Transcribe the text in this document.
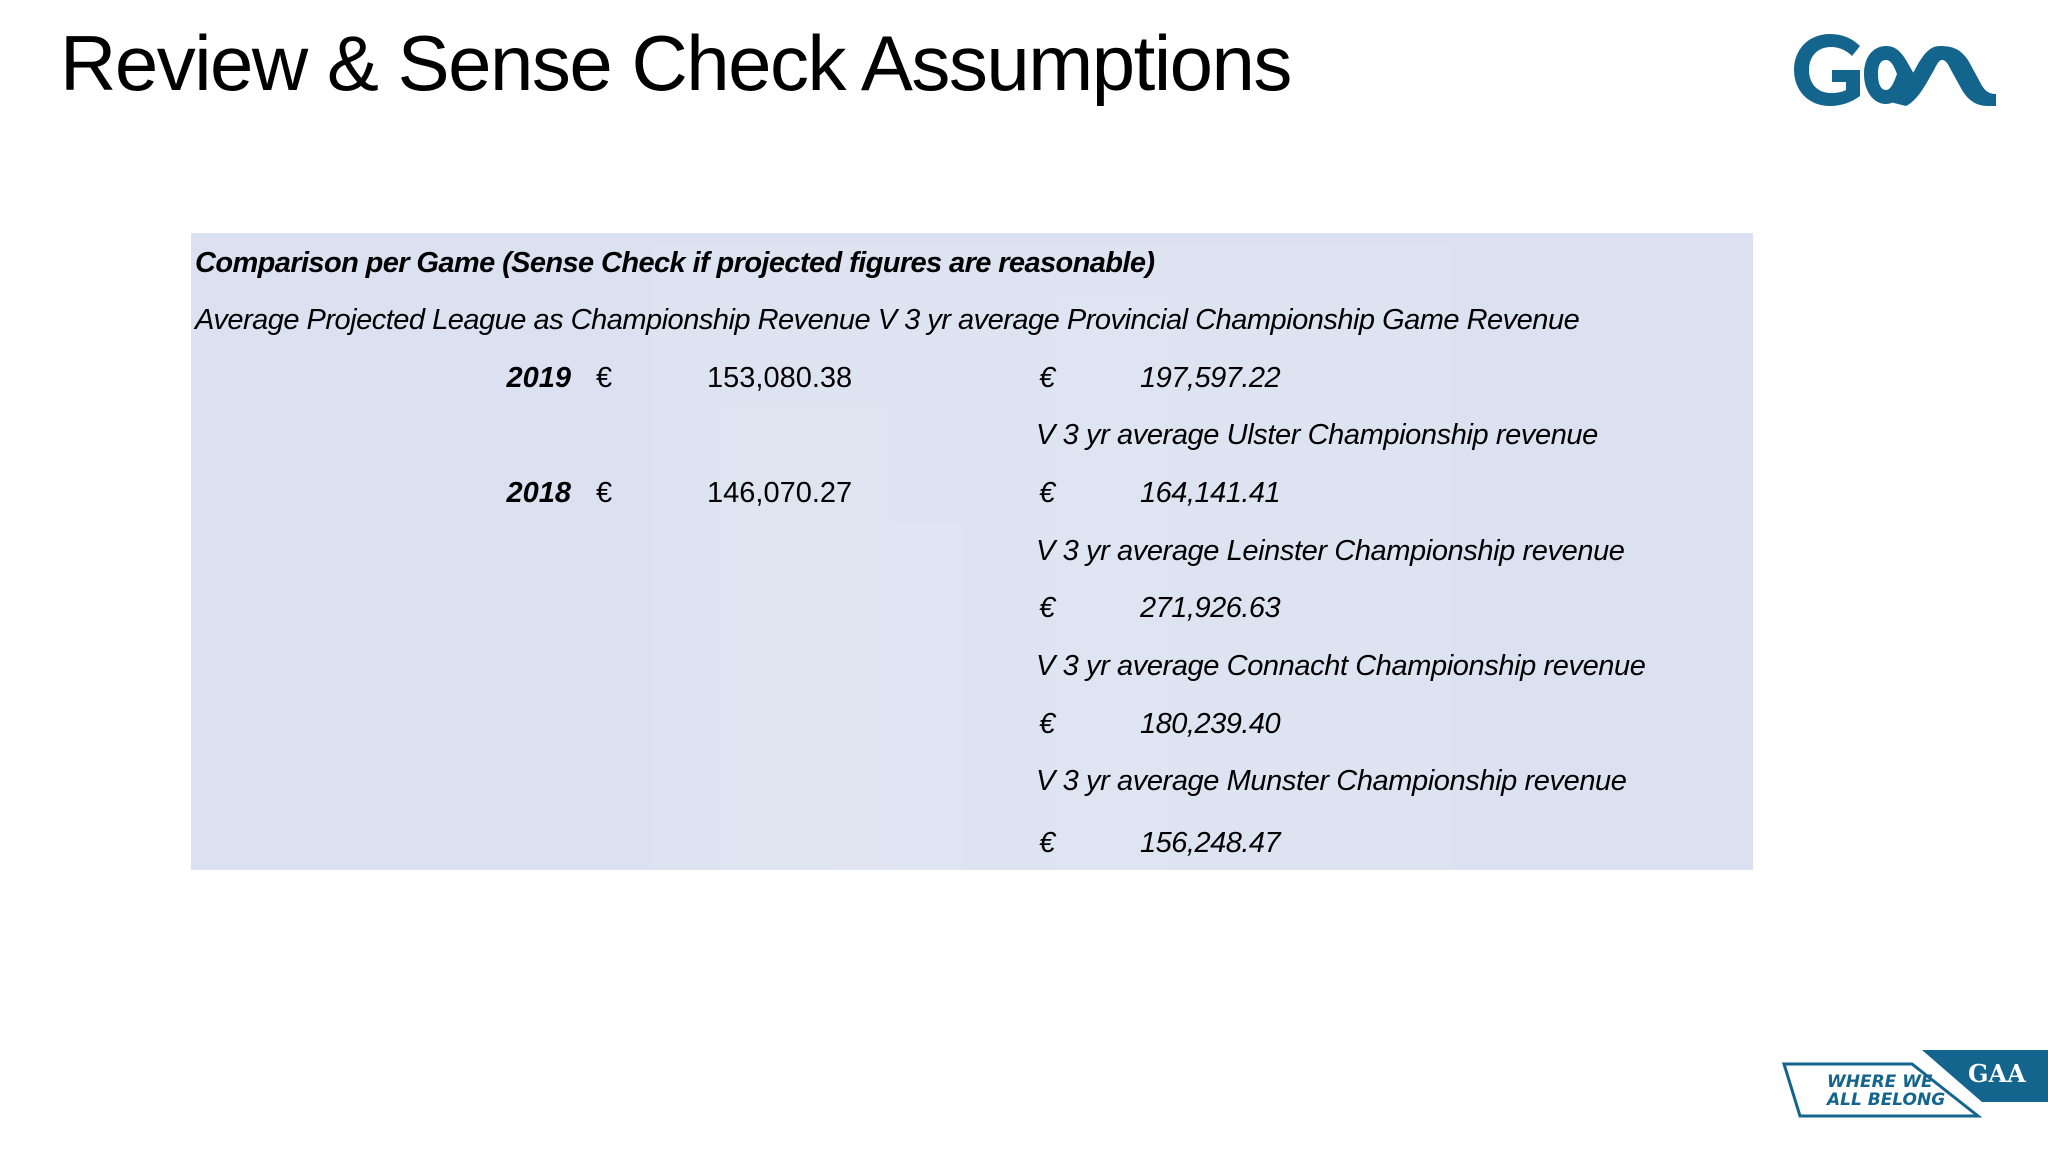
Review & Sense Check Assumptions
Comparison per Game (Sense Check if projected figures are reasonable)
Average Projected League as Championship Revenue V 3 yr average Provincial Championship Game Revenue
2019 €	153,080.38	€	197,597.22
V 3 yr average Ulster Championship revenue
2018 €	146,070.27	€	164,141.41
V 3 yr average Leinster Championship revenue
€	271,926.63
V 3 yr average Connacht Championship revenue
€	180,239.40
V 3 yr average Munster Championship revenue
€	156,248.47
WHERE WE
ALL BELONG
GAA
